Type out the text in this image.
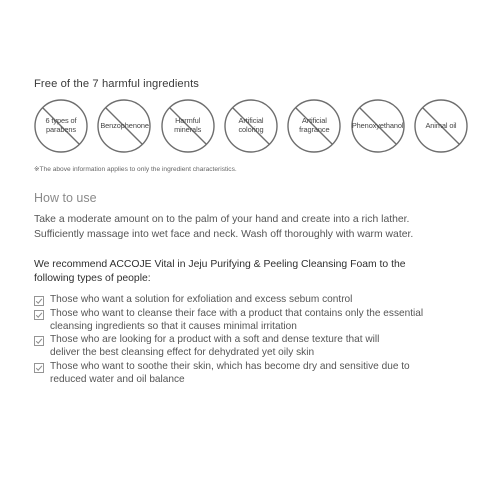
Free of the 7 harmful ingredients
6 types of
parabens	Benzophenone
Harmful
minerals
Artificial
coloring
Artificial
fragrance	Phenoxyethanol	Animal oil
※The above information applies to only the ingredient characteristics.
How to use
Take a moderate amount on to the palm of your hand and create into a rich lather.
Sufficiently massage into wet face and neck. Wash off thoroughly with warm water.
We recommend ACCOJE Vital in Jeju Purifying & Peeling Cleansing Foam to the
following types of people:
Those who want a solution for exfoliation and excess sebum control
Those who want to cleanse their face with a product that contains only the essential
cleansing ingredients so that it causes minimal irritation
Those who are looking for a product with a soft and dense texture that will
deliver the best cleansing effect for dehydrated yet oily skin
Those who want to soothe their skin, which has become dry and sensitive due to
reduced water and oil balance
